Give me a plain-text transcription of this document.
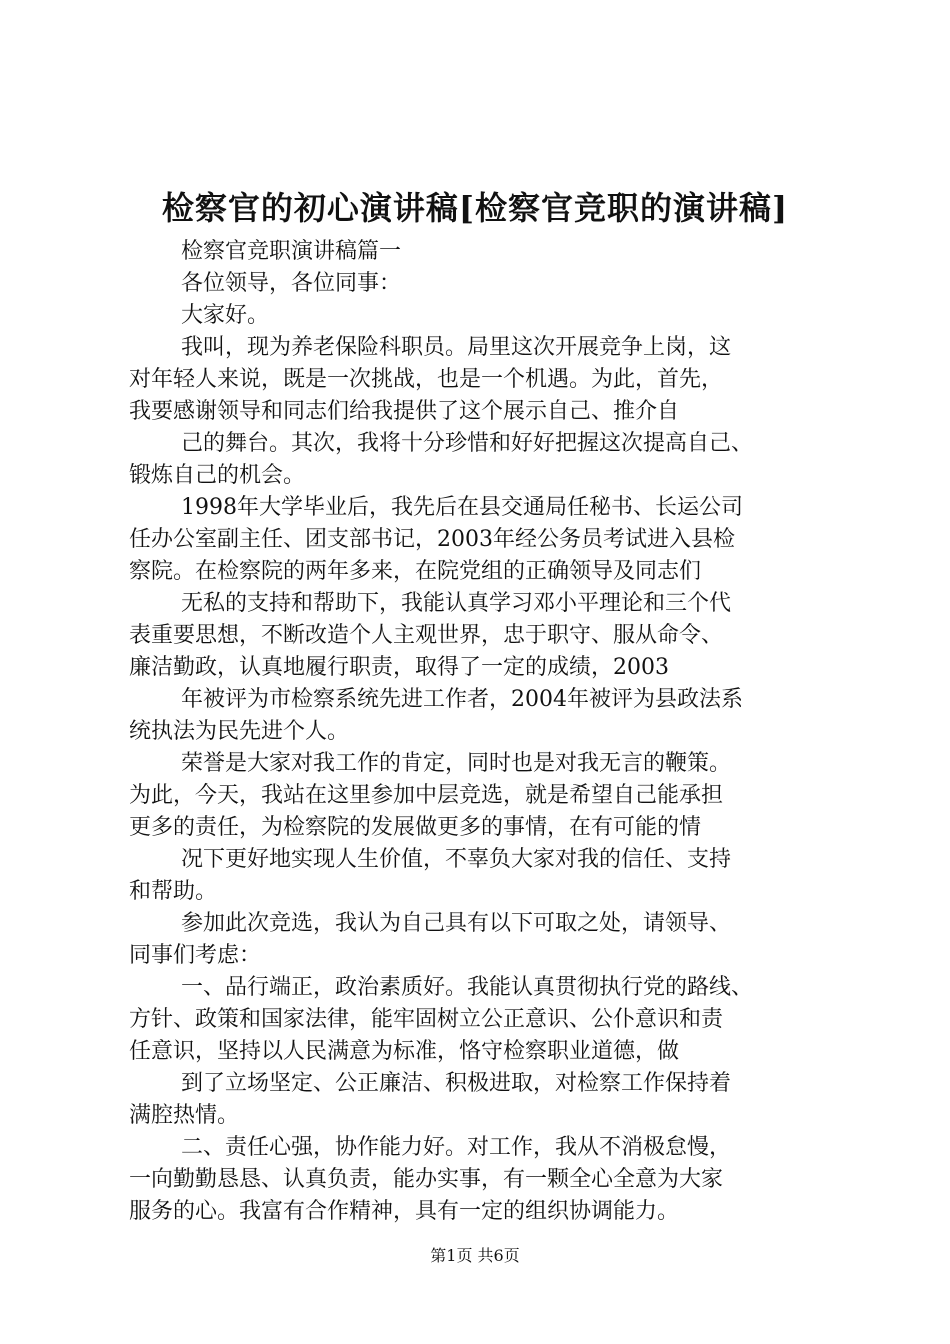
检察官的初心演讲稿[检察官竞职的演讲稿]
检察官竞职演讲稿篇一
各位领导，各位同事：
大家好。
我叫，现为养老保险科职员。局里这次开展竞争上岗，这
对年轻人来说，既是一次挑战，也是一个机遇。为此，首先，
我要感谢领导和同志们给我提供了这个展示自己、推介自
己的舞台。其次，我将十分珍惜和好好把握这次提高自己、
锻炼自己的机会。
1998年大学毕业后，我先后在县交通局任秘书、长运公司
任办公室副主任、团支部书记，2003年经公务员考试进入县检
察院。在检察院的两年多来，在院党组的正确领导及同志们
无私的支持和帮助下，我能认真学习邓小平理论和三个代
表重要思想，不断改造个人主观世界，忠于职守、服从命令、
廉洁勤政，认真地履行职责，取得了一定的成绩，2003
年被评为市检察系统先进工作者，2004年被评为县政法系
统执法为民先进个人。
荣誉是大家对我工作的肯定，同时也是对我无言的鞭策。
为此，今天，我站在这里参加中层竞选，就是希望自己能承担
更多的责任，为检察院的发展做更多的事情，在有可能的情
况下更好地实现人生价值，不辜负大家对我的信任、支持
和帮助。
参加此次竞选，我认为自己具有以下可取之处，请领导、
同事们考虑：
一、品行端正，政治素质好。我能认真贯彻执行党的路线、
方针、政策和国家法律，能牢固树立公正意识、公仆意识和责
任意识，坚持以人民满意为标准，恪守检察职业道德，做
到了立场坚定、公正廉洁、积极进取，对检察工作保持着
满腔热情。
二、责任心强，协作能力好。对工作，我从不消极怠慢，
一向勤勤恳恳、认真负责，能办实事，有一颗全心全意为大家
服务的心。我富有合作精神，具有一定的组织协调能力。
第1页 共6页
